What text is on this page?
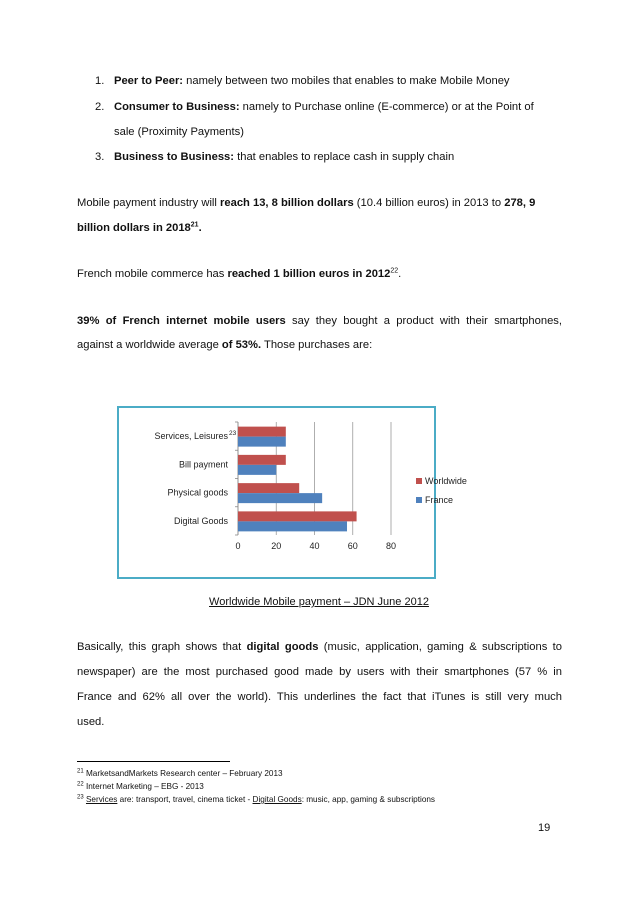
1. Peer to Peer: namely between two mobiles that enables to make Mobile Money
2. Consumer to Business: namely to Purchase online (E-commerce) or at the Point of
sale (Proximity Payments)
3. Business to Business: that enables to replace cash in supply chain
Mobile payment industry will reach 13, 8 billion dollars (10.4 billion euros) in 2013 to 278, 9
billion dollars in 2018$^{21}$.
French mobile commerce has reached 1 billion euros in 2012$^{22}$.
39% of French internet mobile users say they bought a product with their smartphones,
against a worldwide average of 53%. Those purchases are:
0	20	40	60	80
Digital Goods
Physical goods
Bill payment
Services, Leisures 23
Worldwide
France
Worldwide Mobile payment – JDN June 2012
Basically, this graph shows that digital goods (music, application, gaming & subscriptions to
newspaper) are the most purchased good made by users with their smartphones (57 % in
France and 62% all over the world). This underlines the fact that iTunes is still very much
used.
$^{21}$ MarketsandMarkets Research center – February 2013
$^{22}$ Internet Marketing – EBG - 2013
$^{23}$ Services are: transport, travel, cinema ticket - Digital Goods: music, app, gaming & subscriptions
19
